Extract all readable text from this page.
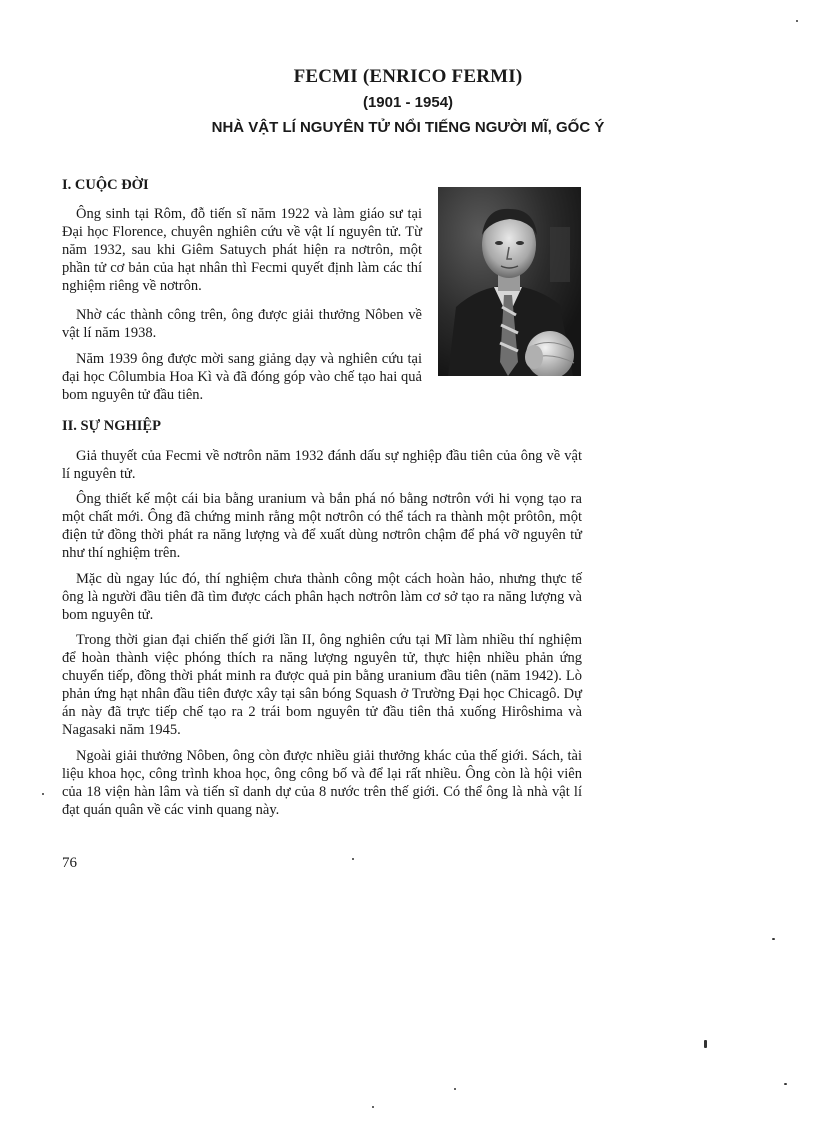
FECMI (ENRICO FERMI)
(1901 - 1954)
NHÀ VẬT LÍ NGUYÊN TỬ NỔI TIẾNG NGƯỜI MĨ, GỐC Ý
I. CUỘC ĐỜI

Ông sinh tại Rôm, đỗ tiến sĩ năm 1922 và làm giáo sư tại Đại học Florence, chuyên nghiên cứu về vật lí nguyên tử. Từ năm 1932, sau khi Giêm Satuych phát hiện ra nơtrôn, một phần tử cơ bản của hạt nhân thì Fecmi quyết định làm các thí nghiệm riêng về nơtrôn.

Nhờ các thành công trên, ông được giải thưởng Nôben về vật lí năm 1938.

Năm 1939 ông được mời sang giảng dạy và nghiên cứu tại đại học Côlumbia Hoa Kì và đã đóng góp vào chế tạo hai quả bom nguyên tử đầu tiên.

II. SỰ NGHIỆP

Giả thuyết của Fecmi về nơtrôn năm 1932 đánh dấu sự nghiệp đầu tiên của ông về vật lí nguyên tử.

Ông thiết kế một cái bia bằng uranium và bắn phá nó bằng nơtrôn với hi vọng tạo ra một chất mới. Ông đã chứng minh rằng một nơtrôn có thể tách ra thành một prôtôn, một điện tử đồng thời phát ra năng lượng và để xuất dùng nơtrôn chậm để phá vỡ nguyên tử như thí nghiệm trên.

Mặc dù ngay lúc đó, thí nghiệm chưa thành công một cách hoàn hảo, nhưng thực tế ông là người đầu tiên đã tìm được cách phân hạch nơtrôn làm cơ sở tạo ra năng lượng và bom nguyên tử.

Trong thời gian đại chiến thế giới lần II, ông nghiên cứu tại Mĩ làm nhiều thí nghiệm để hoàn thành việc phóng thích ra năng lượng nguyên tử, thực hiện nhiều phản ứng chuyển tiếp, đồng thời phát minh ra được quả pin bằng uranium đầu tiên (năm 1942). Lò phản ứng hạt nhân đầu tiên được xây tại sân bóng Squash ở Trường Đại học Chicagô. Dự án này đã trực tiếp chế tạo ra 2 trái bom nguyên tử đầu tiên thả xuống Hirôshima và Nagasaki năm 1945.

Ngoài giải thưởng Nôben, ông còn được nhiều giải thưởng khác của thế giới. Sách, tài liệu khoa học, công trình khoa học, ông công bố và để lại rất nhiều. Ông còn là hội viên của 18 viện hàn lâm và tiến sĩ danh dự của 8 nước trên thế giới. Có thể ông là nhà vật lí đạt quán quân về các vinh quang này.

76
